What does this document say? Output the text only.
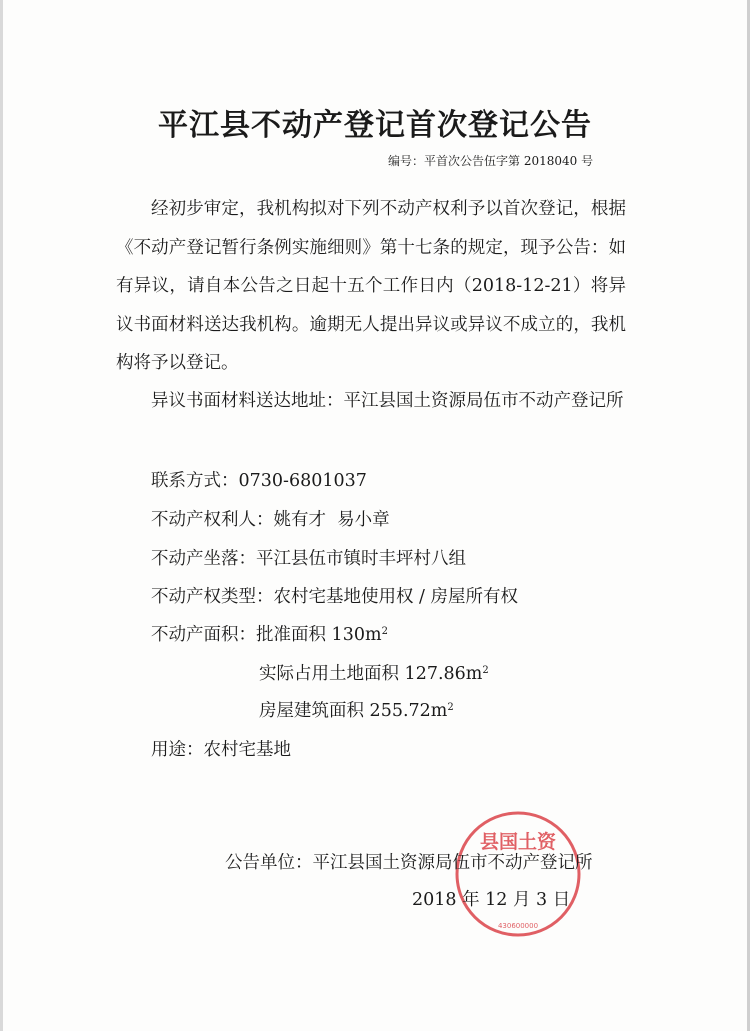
平江县不动产登记首次登记公告
编号：平首次公告伍字第 2018040 号
经初步审定，我机构拟对下列不动产权利予以首次登记，根据《不动产登记暂行条例实施细则》第十七条的规定，现予公告：如有异议，请自本公告之日起十五个工作日内（2018-12-21）将异议书面材料送达我机构。逾期无人提出异议或异议不成立的，我机构将予以登记。
异议书面材料送达地址：平江县国土资源局伍市不动产登记所
联系方式：0730-6801037
不动产权利人：姚有才  易小章
不动产坐落：平江县伍市镇时丰坪村八组
不动产权类型：农村宅基地使用权 / 房屋所有权
不动产面积：批准面积 $130m^2$
实际占用土地面积 $127.86m^2$
房屋建筑面积 $255.72m^2$
用途：农村宅基地
县国土资
430600000
公告单位：平江县国土资源局伍市不动产登记所
2018 年 12 月 3 日
